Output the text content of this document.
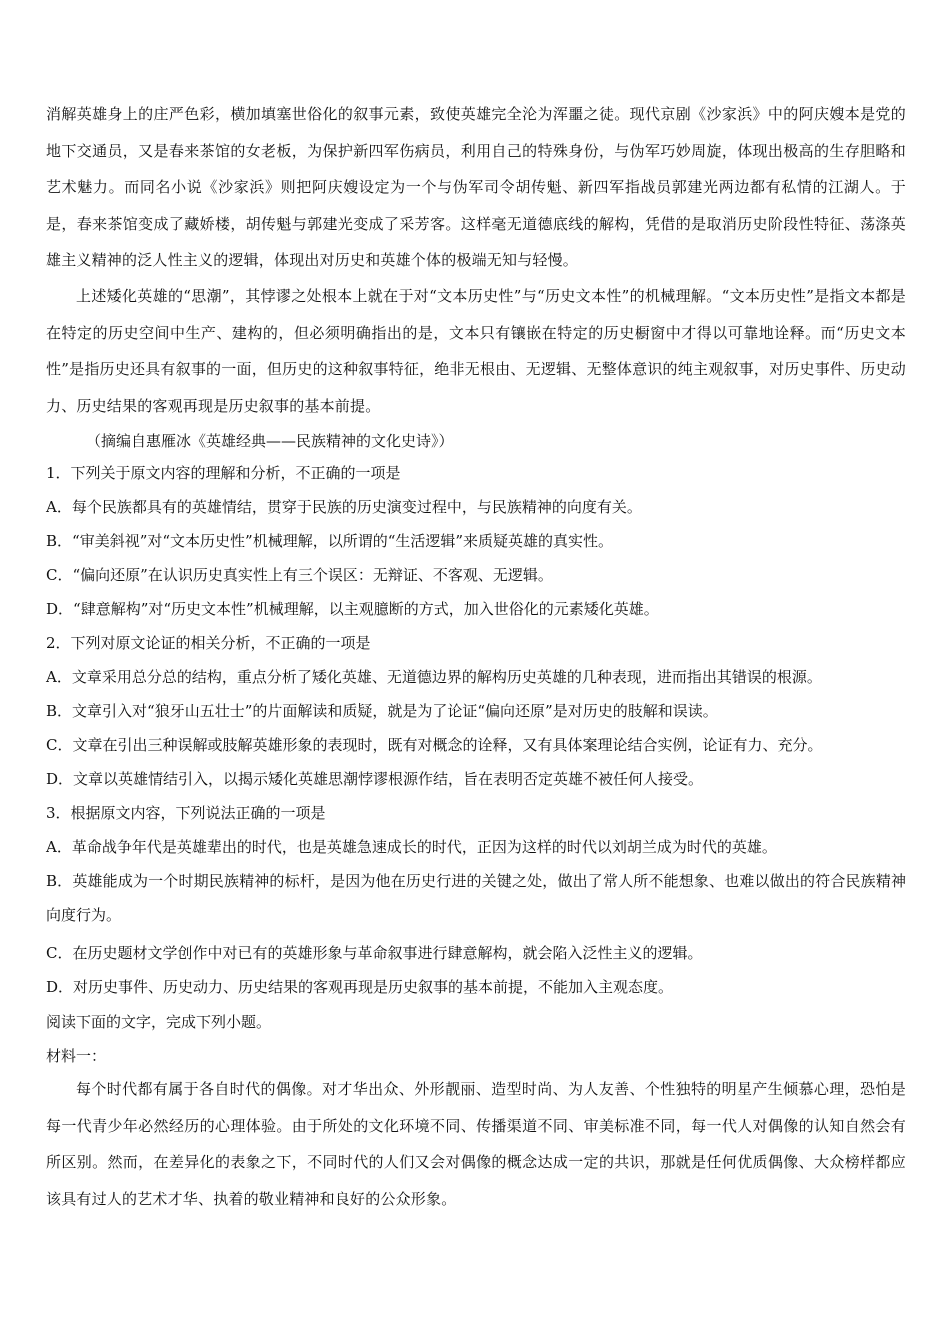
消解英雄身上的庄严色彩，横加填塞世俗化的叙事元素，致使英雄完全沦为浑噩之徒。现代京剧《沙家浜》中的阿庆嫂本是党的地下交通员，又是春来茶馆的女老板，为保护新四军伤病员，利用自己的特殊身份，与伪军巧妙周旋，体现出极高的生存胆略和艺术魅力。而同名小说《沙家浜》则把阿庆嫂设定为一个与伪军司令胡传魁、新四军指战员郭建光两边都有私情的江湖人。于是，春来茶馆变成了藏娇楼，胡传魁与郭建光变成了采芳客。这样毫无道德底线的解构，凭借的是取消历史阶段性特征、荡涤英雄主义精神的泛人性主义的逻辑，体现出对历史和英雄个体的极端无知与轻慢。
上述矮化英雄的“思潮”，其悖谬之处根本上就在于对“文本历史性”与“历史文本性”的机械理解。“文本历史性”是指文本都是在特定的历史空间中生产、建构的，但必须明确指出的是，文本只有镶嵌在特定的历史橱窗中才得以可靠地诠释。而“历史文本性”是指历史还具有叙事的一面，但历史的这种叙事特征，绝非无根由、无逻辑、无整体意识的纯主观叙事，对历史事件、历史动力、历史结果的客观再现是历史叙事的基本前提。
（摘编自惠雁冰《英雄经典——民族精神的文化史诗》）
1．下列关于原文内容的理解和分析，不正确的一项是
A．每个民族都具有的英雄情结，贯穿于民族的历史演变过程中，与民族精神的向度有关。
B．“审美斜视”对“文本历史性”机械理解，以所谓的“生活逻辑”来质疑英雄的真实性。
C．“偏向还原”在认识历史真实性上有三个误区：无辩证、不客观、无逻辑。
D．“肆意解构”对“历史文本性”机械理解，以主观臆断的方式，加入世俗化的元素矮化英雄。
2．下列对原文论证的相关分析，不正确的一项是
A．文章采用总分总的结构，重点分析了矮化英雄、无道德边界的解构历史英雄的几种表现，进而指出其错误的根源。
B．文章引入对“狼牙山五壮士”的片面解读和质疑，就是为了论证“偏向还原”是对历史的肢解和误读。
C．文章在引出三种误解或肢解英雄形象的表现时，既有对概念的诠释，又有具体案理论结合实例，论证有力、充分。
D．文章以英雄情结引入，以揭示矮化英雄思潮悖谬根源作结，旨在表明否定英雄不被任何人接受。
3．根据原文内容，下列说法正确的一项是
A．革命战争年代是英雄辈出的时代，也是英雄急速成长的时代，正因为这样的时代以刘胡兰成为时代的英雄。
B．英雄能成为一个时期民族精神的标杆，是因为他在历史行进的关键之处，做出了常人所不能想象、也难以做出的符合民族精神向度行为。
C．在历史题材文学创作中对已有的英雄形象与革命叙事进行肆意解构，就会陷入泛性主义的逻辑。
D．对历史事件、历史动力、历史结果的客观再现是历史叙事的基本前提，不能加入主观态度。
阅读下面的文字，完成下列小题。
材料一：
每个时代都有属于各自时代的偶像。对才华出众、外形靓丽、造型时尚、为人友善、个性独特的明星产生倾慕心理，恐怕是每一代青少年必然经历的心理体验。由于所处的文化环境不同、传播渠道不同、审美标准不同，每一代人对偶像的认知自然会有所区别。然而，在差异化的表象之下，不同时代的人们又会对偶像的概念达成一定的共识，那就是任何优质偶像、大众榜样都应该具有过人的艺术才华、执着的敬业精神和良好的公众形象。
